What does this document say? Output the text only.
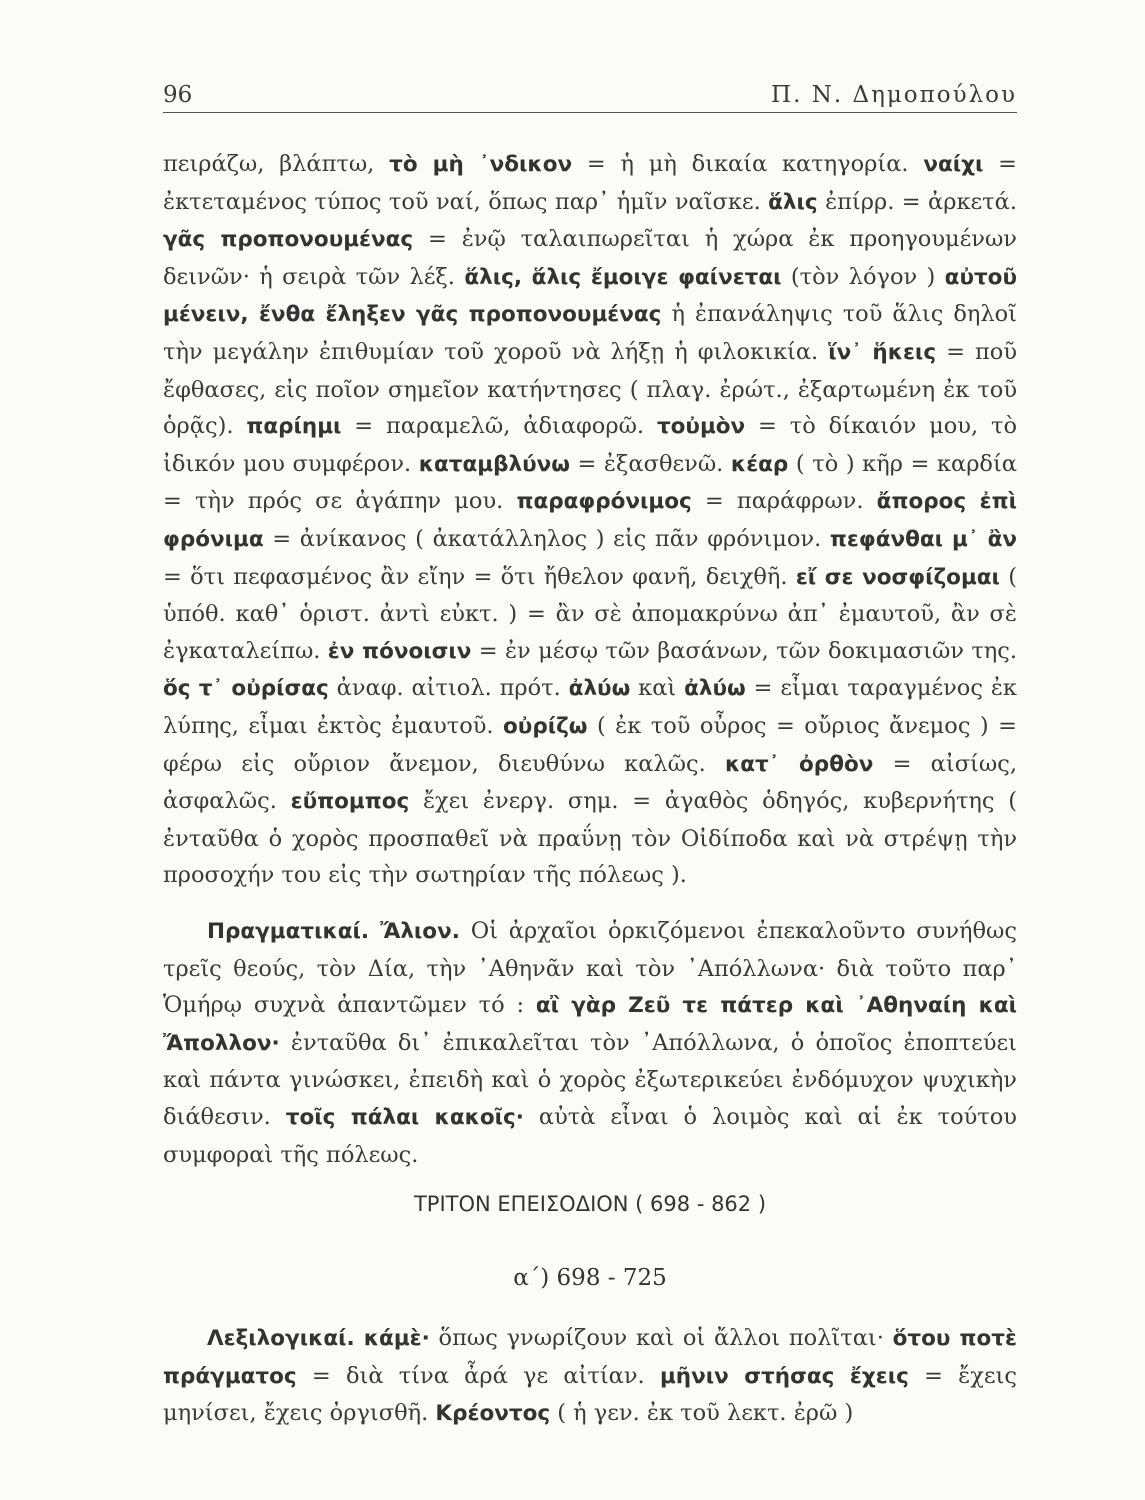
96	Π. Ν. Δημοπούλου

πειράζω, βλάπτω, τὸ μὴ ᾽νδικον = ἡ μὴ δικαία κατηγορία. ναίχι = ἐκτεταμένος τύπος τοῦ ναί, ὅπως παρ᾽ ἡμῖν ναῖσκε. ἅλις ἐπίρρ. = ἀρκετά. γᾶς προπονουμένας = ἐνῷ ταλαιπωρεῖται ἡ χώρα ἐκ προηγουμένων δεινῶν· ἡ σειρὰ τῶν λέξ. ἅλις, ἅλις ἔμοιγε φαίνεται (τὸν λόγον ) αὐτοῦ μένειν, ἔνθα ἔληξεν γᾶς προπονουμένας ἡ ἐπανάληψις τοῦ ἅλις δηλοῖ τὴν μεγάλην ἐπιθυμίαν τοῦ χοροῦ νὰ λήξῃ ἡ φιλοκικία. ἵν᾽ ἥκεις = ποῦ ἔφθασες, εἰς ποῖον σημεῖον κατήντησες ( πλαγ. ἐρώτ., ἐξαρτωμένη ἐκ τοῦ ὁρᾷς). παρίημι = παραμελῶ, ἀδιαφορῶ. τοὐμὸν = τὸ δίκαιόν μου, τὸ ἰδικόν μου συμφέρον. καταμβλύνω = ἐξασθενῶ. κέαρ ( τὸ ) κῆρ = καρδία = τὴν πρός σε ἀγάπην μου. παραφρόνιμος = παράφρων. ἄπορος ἐπὶ φρόνιμα = ἀνίκανος ( ἀκατάλληλος ) εἰς πᾶν φρόνιμον. πεφάνθαι μ᾽ ἂν = ὅτι πεφασμένος ἂν εἴην = ὅτι ἤθελον φανῆ, δειχθῆ. εἴ σε νοσφίζομαι ( ὑπόθ. καθ᾽ ὁριστ. ἀντὶ εὐκτ. ) = ἂν σὲ ἀπομακρύνω ἀπ᾽ ἐμαυτοῦ, ἂν σὲ ἐγκαταλείπω. ἐν πόνοισιν = ἐν μέσῳ τῶν βασάνων, τῶν δοκιμασιῶν της. ὅς τ᾽ οὐρίσας ἀναφ. αἰτιολ. πρότ. ἀλύω καὶ ἀλύω = εἶμαι ταραγμένος ἐκ λύπης, εἶμαι ἐκτὸς ἐμαυτοῦ. οὐρίζω ( ἐκ τοῦ οὖρος = οὔριος ἄνεμος ) = φέρω εἰς οὔριον ἄνεμον, διευθύνω καλῶς. κατ᾽ ὀρθὸν = αἰσίως, ἀσφαλῶς. εὔπομπος ἔχει ἐνεργ. σημ. = ἀγαθὸς ὁδηγός, κυβερνήτης ( ἐνταῦθα ὁ χορὸς προσπαθεῖ νὰ πραΰνῃ τὸν Οἰδίποδα καὶ νὰ στρέψῃ τὴν προσοχήν του εἰς τὴν σωτηρίαν τῆς πόλεως ).

Πραγματικαί. Ἄλιον. Οἱ ἀρχαῖοι ὁρκιζόμενοι ἐπεκαλοῦντο συνήθως τρεῖς θεούς, τὸν Δία, τὴν ᾽Αθηνᾶν καὶ τὸν ᾽Απόλλωνα· διὰ τοῦτο παρ᾽ Ὁμήρῳ συχνὰ ἀπαντῶμεν τό : αἲ γὰρ Ζεῦ τε πάτερ καὶ ᾽Αθηναίη καὶ Ἄπολλον· ἐνταῦθα δι᾽ ἐπικαλεῖται τὸν ᾽Απόλλωνα, ὁ ὁποῖος ἐποπτεύει καὶ πάντα γινώσκει, ἐπειδὴ καὶ ὁ χορὸς ἐξωτερικεύει ἐνδόμυχον ψυχικὴν διάθεσιν. τοῖς πάλαι κακοῖς· αὐτὰ εἶναι ὁ λοιμὸς καὶ αἱ ἐκ τούτου συμφοραὶ τῆς πόλεως.

ΤΡΙΤΟΝ ΕΠΕΙΣΟΔΙΟΝ ( 698 - 862 )
α΄) 698 - 725

Λεξιλογικαί. κάμὲ· ὅπως γνωρίζουν καὶ οἱ ἄλλοι πολῖται· ὅτου ποτὲ πράγματος = διὰ τίνα ἆρά γε αἰτίαν. μῆνιν στήσας ἔχεις = ἔχεις μηνίσει, ἔχεις ὀργισθῆ. Κρέοντος ( ἡ γεν. ἐκ τοῦ λεκτ. ἐρῶ )
